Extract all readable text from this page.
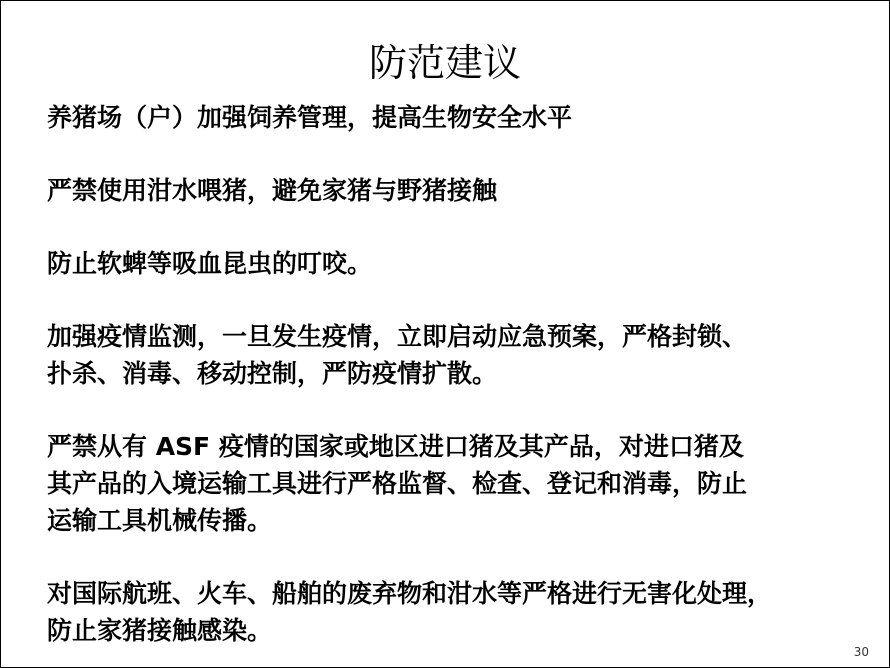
防范建议

养猪场（户）加强饲养管理，提高生物安全水平

严禁使用泔水喂猪，避免家猪与野猪接触

防止软蜱等吸血昆虫的叮咬。

加强疫情监测，一旦发生疫情，立即启动应急预案，严格封锁、
扑杀、消毒、移动控制，严防疫情扩散。

严禁从有 ASF 疫情的国家或地区进口猪及其产品，对进口猪及
其产品的入境运输工具进行严格监督、检查、登记和消毒，防止
运输工具机械传播。

对国际航班、火车、船舶的废弃物和泔水等严格进行无害化处理，
防止家猪接触感染。

30
